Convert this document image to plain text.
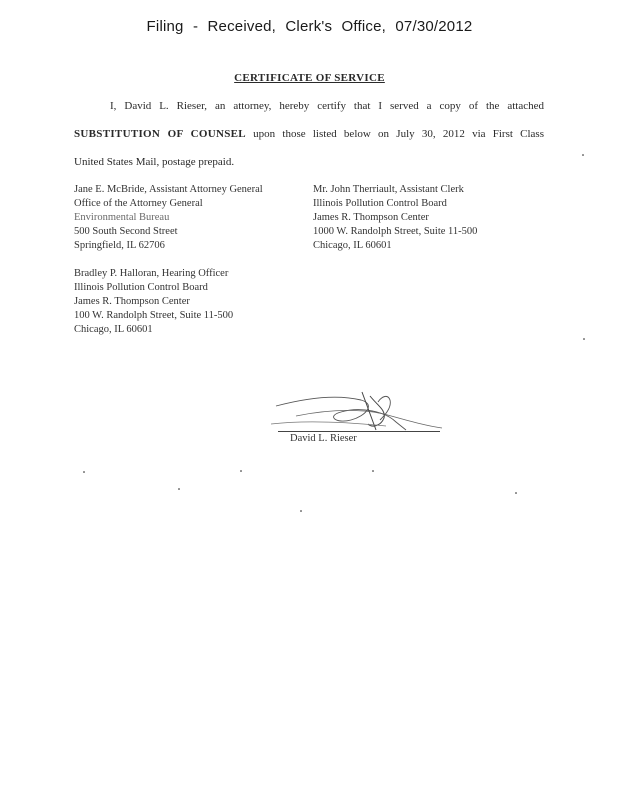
Filing - Received, Clerk's Office, 07/30/2012
CERTIFICATE OF SERVICE
I, David L. Rieser, an attorney, hereby certify that I served a copy of the attached
SUBSTITUTION OF COUNSEL upon those listed below on July 30, 2012 via First Class
United States Mail, postage prepaid.
Jane E. McBride, Assistant Attorney General
Office of the Attorney General
Environmental Bureau
500 South Second Street
Springfield, IL 62706
Mr. John Therriault, Assistant Clerk
Illinois Pollution Control Board
James R. Thompson Center
1000 W. Randolph Street, Suite 11-500
Chicago, IL 60601
Bradley P. Halloran, Hearing Officer
Illinois Pollution Control Board
James R. Thompson Center
100 W. Randolph Street, Suite 11-500
Chicago, IL 60601
David L. Rieser
